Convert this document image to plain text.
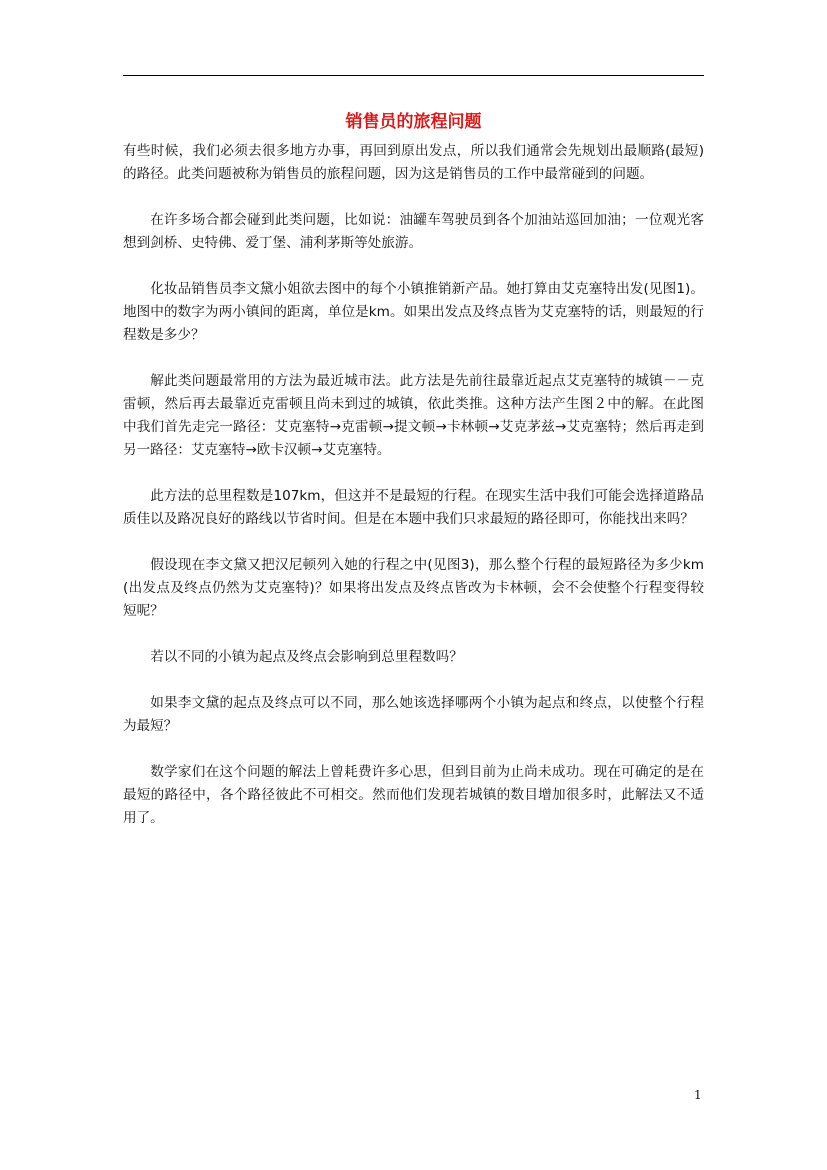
销售员的旅程问题

有些时候，我们必须去很多地方办事，再回到原出发点，所以我们通常会先规划出最顺路(最短)的路径。此类问题被称为销售员的旅程问题，因为这是销售员的工作中最常碰到的问题。

在许多场合都会碰到此类问题，比如说：油罐车驾驶员到各个加油站巡回加油；一位观光客想到剑桥、史特佛、爱丁堡、浦利茅斯等处旅游。

化妆品销售员李文黛小姐欲去图中的每个小镇推销新产品。她打算由艾克塞特出发(见图1)。地图中的数字为两小镇间的距离，单位是km。如果出发点及终点皆为艾克塞特的话，则最短的行程数是多少？

解此类问题最常用的方法为最近城市法。此方法是先前往最靠近起点艾克塞特的城镇－－克雷顿，然后再去最靠近克雷顿且尚未到过的城镇，依此类推。这种方法产生图２中的解。在此图中我们首先走完一路径：艾克塞特→克雷顿→提文顿→卡林顿→艾克茅兹→艾克塞特；然后再走到另一路径：艾克塞特→欧卡汉顿→艾克塞特。

此方法的总里程数是107km，但这并不是最短的行程。在现实生活中我们可能会选择道路品质佳以及路况良好的路线以节省时间。但是在本题中我们只求最短的路径即可，你能找出来吗？

假设现在李文黛又把汉尼顿列入她的行程之中(见图3)，那么整个行程的最短路径为多少km(出发点及终点仍然为艾克塞特)？如果将出发点及终点皆改为卡林顿，会不会使整个行程变得较短呢？

若以不同的小镇为起点及终点会影响到总里程数吗？

如果李文黛的起点及终点可以不同，那么她该选择哪两个小镇为起点和终点，以使整个行程为最短？

数学家们在这个问题的解法上曾耗费许多心思，但到目前为止尚未成功。现在可确定的是在最短的路径中，各个路径彼此不可相交。然而他们发现若城镇的数目增加很多时，此解法又不适用了。

1
